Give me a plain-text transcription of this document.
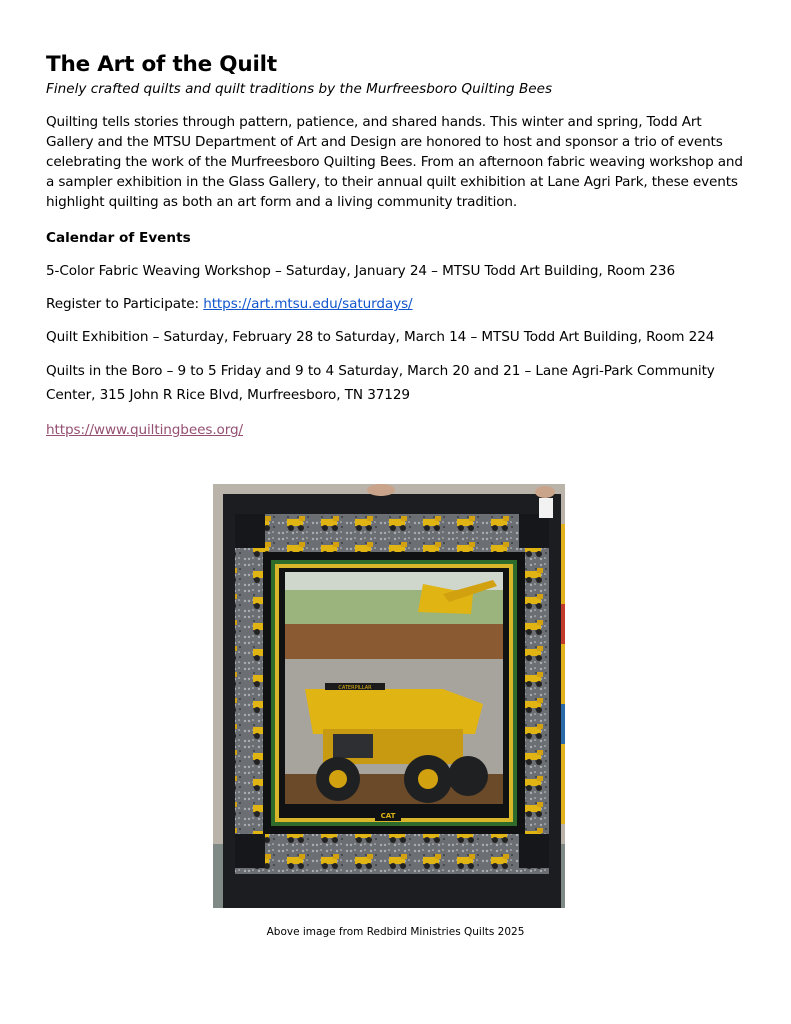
The Art of the Quilt

Finely crafted quilts and quilt traditions by the Murfreesboro Quilting Bees

Quilting tells stories through pattern, patience, and shared hands. This winter and spring, Todd Art Gallery and the MTSU Department of Art and Design are honored to host and sponsor a trio of events celebrating the work of the Murfreesboro Quilting Bees. From an afternoon fabric weaving workshop and a sampler exhibition in the Glass Gallery, to their annual quilt exhibition at Lane Agri Park, these events highlight quilting as both an art form and a living community tradition.

Calendar of Events

5-Color Fabric Weaving Workshop – Saturday, January 24 – MTSU Todd Art Building, Room 236

Register to Participate: https://art.mtsu.edu/saturdays/

Quilt Exhibition – Saturday, February 28 to Saturday, March 14 – MTSU Todd Art Building, Room 224

Quilts in the Boro – 9 to 5 Friday and 9 to 4 Saturday, March 20 and 21 – Lane Agri-Park Community Center, 315 John R Rice Blvd, Murfreesboro, TN 37129

https://www.quiltingbees.org/

CATERPILLAR
CAT
Above image from Redbird Ministries Quilts 2025
